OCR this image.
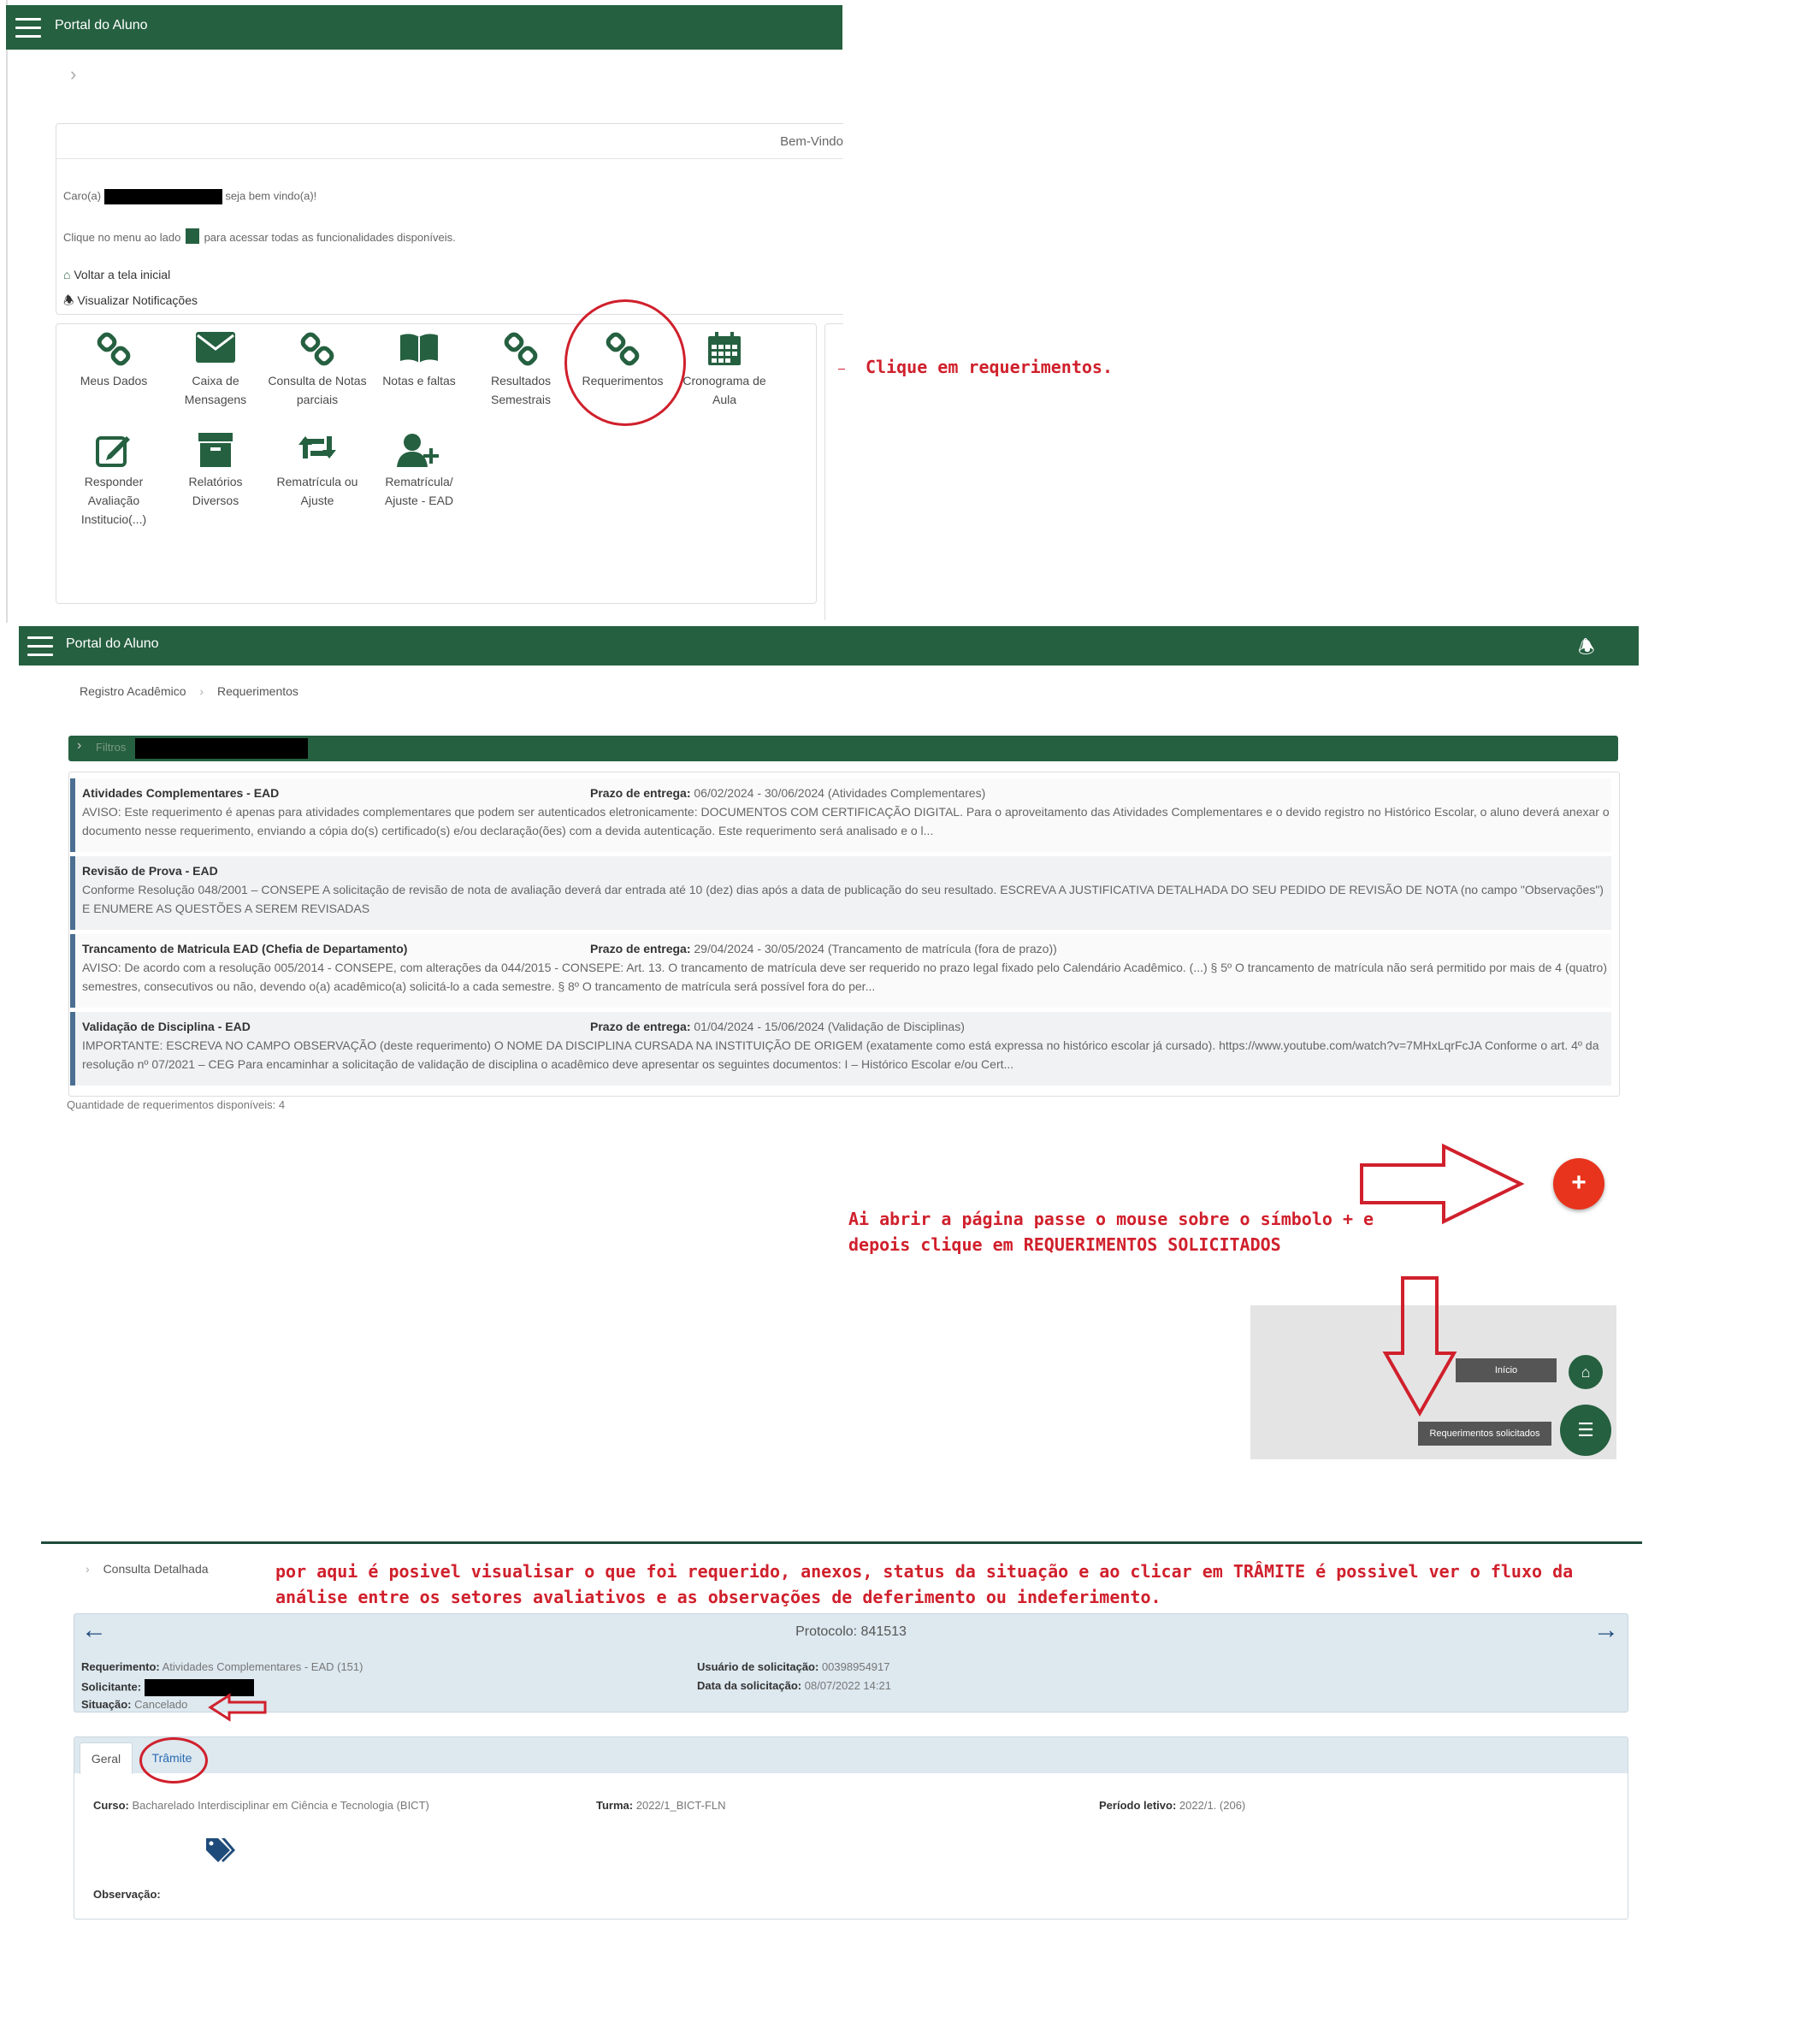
Portal do Aluno
›
Bem-Vindo
Caro(a)	seja bem vindo(a)!
Clique no menu ao lado para acessar todas as funcionalidades disponíveis.
⌂ Voltar a tela inicial
🕭 Visualizar Notificações
Meus Dados	Caixa de Mensagens
Consulta de Notas parciais
Notas e faltas	Resultados Semestrais
Requerimentos	Cronograma de Aula
Responder Avaliação Institucio(...)
Relatórios Diversos
Rematrícula ou Ajuste
Rematrícula/ Ajuste - EAD
Clique em requerimentos.
Portal do Aluno	🕭
⋮
Registro Acadêmico › Requerimentos
› Filtros
Atividades Complementares - EAD	Prazo de entrega: 06/02/2024 - 30/06/2024 (Atividades Complementares)
AVISO: Este requerimento é apenas para atividades complementares que podem ser autenticados eletronicamente: DOCUMENTOS COM CERTIFICAÇÃO DIGITAL. Para o aproveitamento das Atividades Complementares e o devido registro no Histórico Escolar, o aluno deverá anexar o documento nesse requerimento, enviando a cópia do(s) certificado(s) e/ou declaração(ões) com a devida autenticação. Este requerimento será analisado e o l...
Revisão de Prova - EAD
Conforme Resolução 048/2001 – CONSEPE A solicitação de revisão de nota de avaliação deverá dar entrada até 10 (dez) dias após a data de publicação do seu resultado. ESCREVA A JUSTIFICATIVA DETALHADA DO SEU PEDIDO DE REVISÃO DE NOTA (no campo "Observações") E ENUMERE AS QUESTÕES A SEREM REVISADAS
Trancamento de Matricula EAD (Chefia de Departamento)	Prazo de entrega: 29/04/2024 - 30/05/2024 (Trancamento de matrícula (fora de prazo))
AVISO: De acordo com a resolução 005/2014 - CONSEPE, com alterações da 044/2015 - CONSEPE: Art. 13. O trancamento de matrícula deve ser requerido no prazo legal fixado pelo Calendário Acadêmico. (...) § 5º O trancamento de matrícula não será permitido por mais de 4 (quatro) semestres, consecutivos ou não, devendo o(a) acadêmico(a) solicitá-lo a cada semestre. § 8º O trancamento de matrícula será possível fora do per...
Validação de Disciplina - EAD	Prazo de entrega: 01/04/2024 - 15/06/2024 (Validação de Disciplinas)
IMPORTANTE: ESCREVA NO CAMPO OBSERVAÇÃO (deste requerimento) O NOME DA DISCIPLINA CURSADA NA INSTITUIÇÃO DE ORIGEM (exatamente como está expressa no histórico escolar já cursado). https://www.youtube.com/watch?v=7MHxLqrFcJA Conforme o art. 4º da resolução nº 07/2021 – CEG Para encaminhar a solicitação de validação de disciplina o acadêmico deve apresentar os seguintes documentos: I – Histórico Escolar e/ou Cert...
Quantidade de requerimentos disponíveis: 4
+
Ai abrir a página passe o mouse sobre o símbolo + e
depois clique em REQUERIMENTOS SOLICITADOS
Início	⌂
Requerimentos solicitados	☰
› Consulta Detalhada	por aqui é posivel visualisar o que foi requerido, anexos, status da situação e ao clicar em TRÂMITE é possivel ver o fluxo da
análise entre os setores avaliativos e as observações de deferimento ou indeferimento.
←	→
Protocolo: 841513
Requerimento: Atividades Complementares - EAD (151)
Solicitante:
Situação: Cancelado
Usuário de solicitação: 00398954917
Data da solicitação: 08/07/2022 14:21
Geral	Trâmite
Curso: Bacharelado Interdisciplinar em Ciência e Tecnologia (BICT)	Turma: 2022/1_BICT-FLN	Período letivo: 2022/1. (206)
Observação:
